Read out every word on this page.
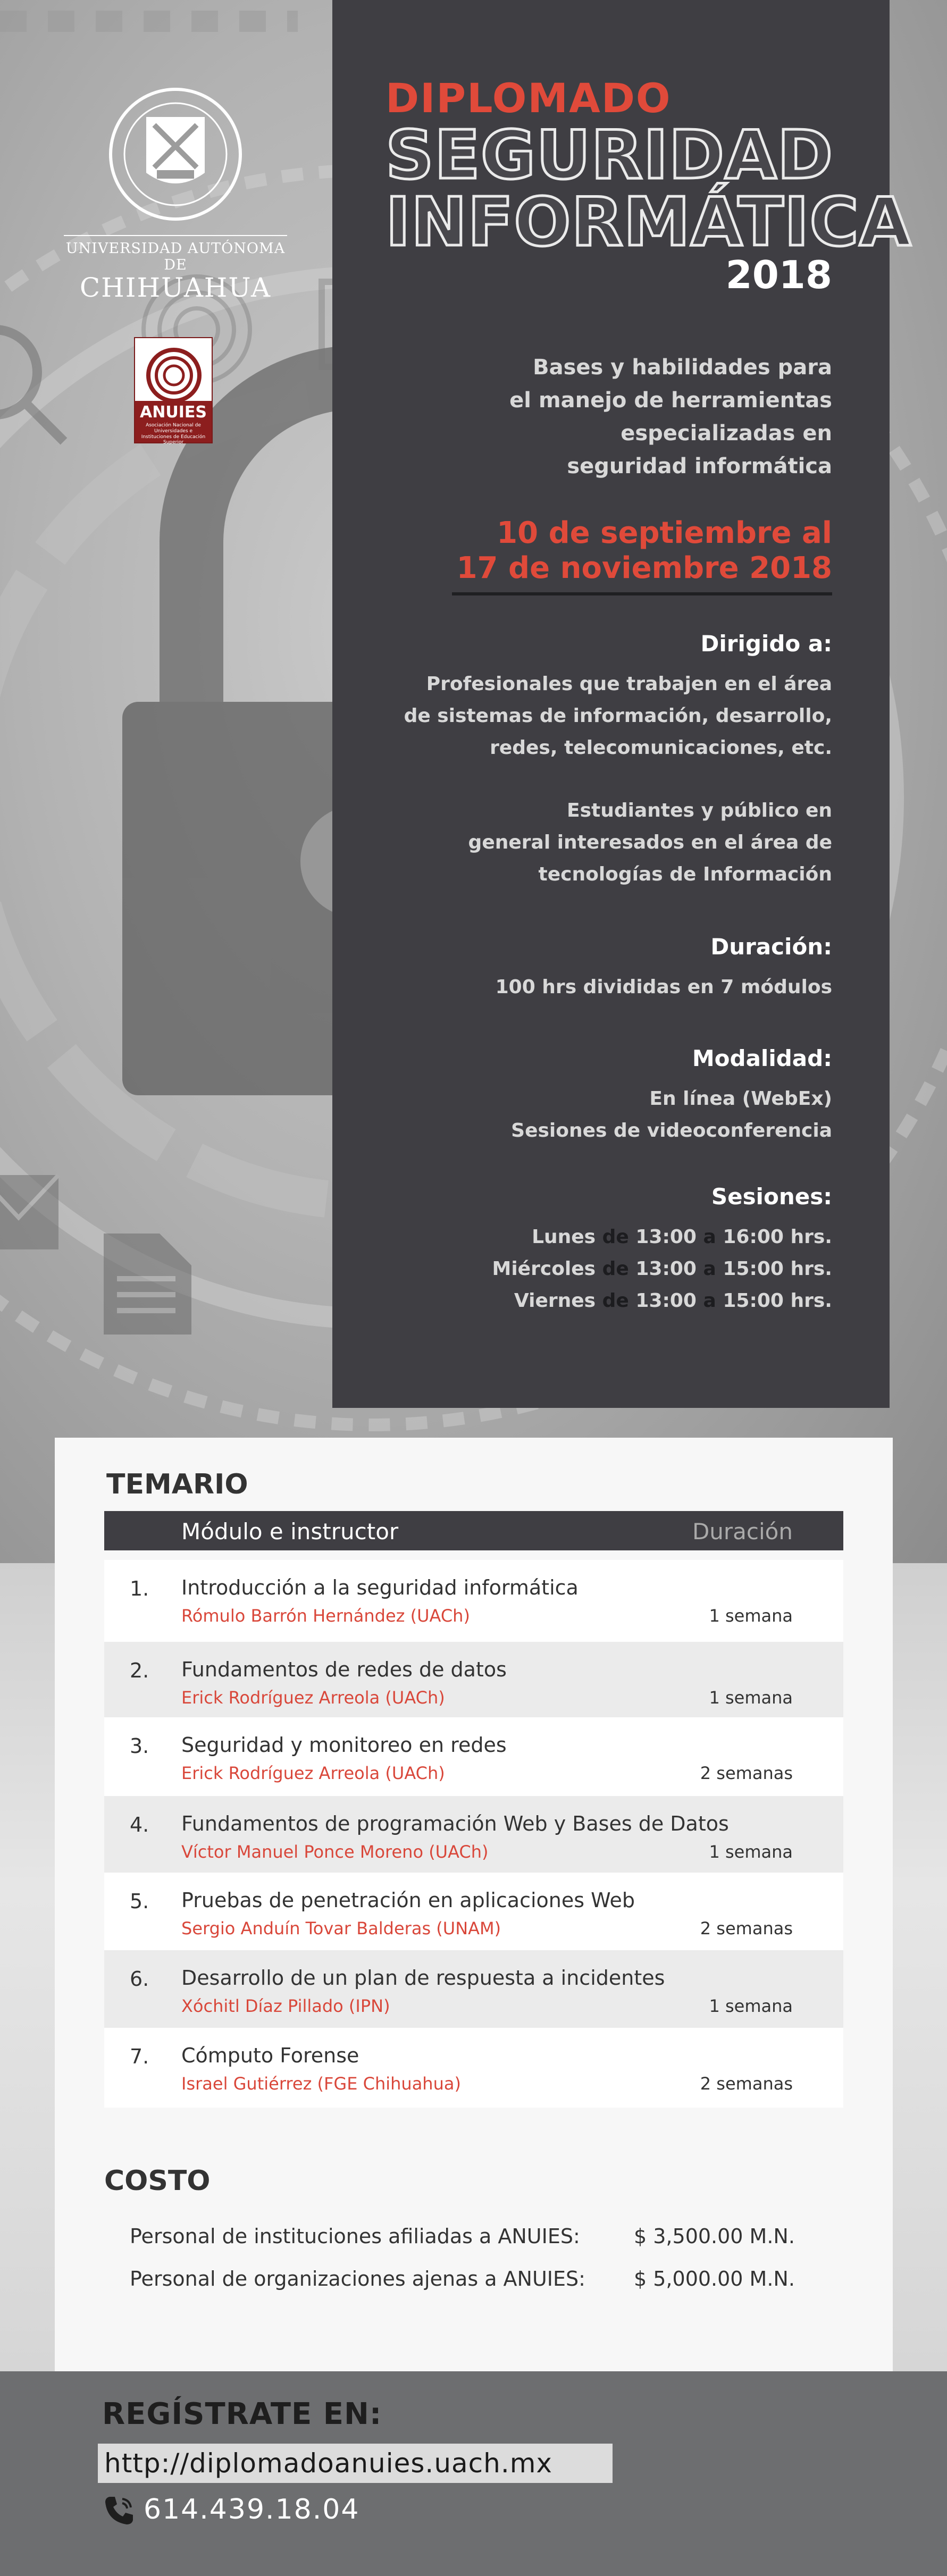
UNIVERSIDAD AUTÓNOMA DE
CHIHUAHUA
ANUIES
Asociación Nacional de Universidades e Instituciones de Educación Superior
DIPLOMADO
SEGURIDAD
INFORMÁTICA
2018
Bases y habilidades para
el manejo de herramientas
especializadas en
seguridad informática
10 de septiembre al
17 de noviembre 2018
Dirigido a:
Profesionales que trabajen en el área
de sistemas de información, desarrollo,
redes, telecomunicaciones, etc.
Estudiantes y público en
general interesados en el área de
tecnologías de Información
Duración:
100 hrs divididas en 7 módulos
Modalidad:
En línea (WebEx)
Sesiones de videoconferencia
Sesiones:
Lunes de 13:00 a 16:00 hrs.
Miércoles de 13:00 a 15:00 hrs.
Viernes de 13:00 a 15:00 hrs.
TEMARIO
Módulo e instructor	Duración
1. Introducción a la seguridad informática
Rómulo Barrón Hernández (UACh)	1 semana
2. Fundamentos de redes de datos
Erick Rodríguez Arreola (UACh)	1 semana
3. Seguridad y monitoreo en redes
Erick Rodríguez Arreola (UACh)	2 semanas
4. Fundamentos de programación Web y Bases de Datos
Víctor Manuel Ponce Moreno (UACh)	1 semana
5. Pruebas de penetración en aplicaciones Web
Sergio Anduín Tovar Balderas (UNAM)	2 semanas
6. Desarrollo de un plan de respuesta a incidentes
Xóchitl Díaz Pillado (IPN)	1 semana
7. Cómputo Forense
Israel Gutiérrez (FGE Chihuahua)	2 semanas
COSTO
Personal de instituciones afiliadas a ANUIES:	$ 3,500.00 M.N.
Personal de organizaciones ajenas a ANUIES: $ 5,000.00 M.N.
REGÍSTRATE EN:
http://diplomadoanuies.uach.mx
614.439.18.04
